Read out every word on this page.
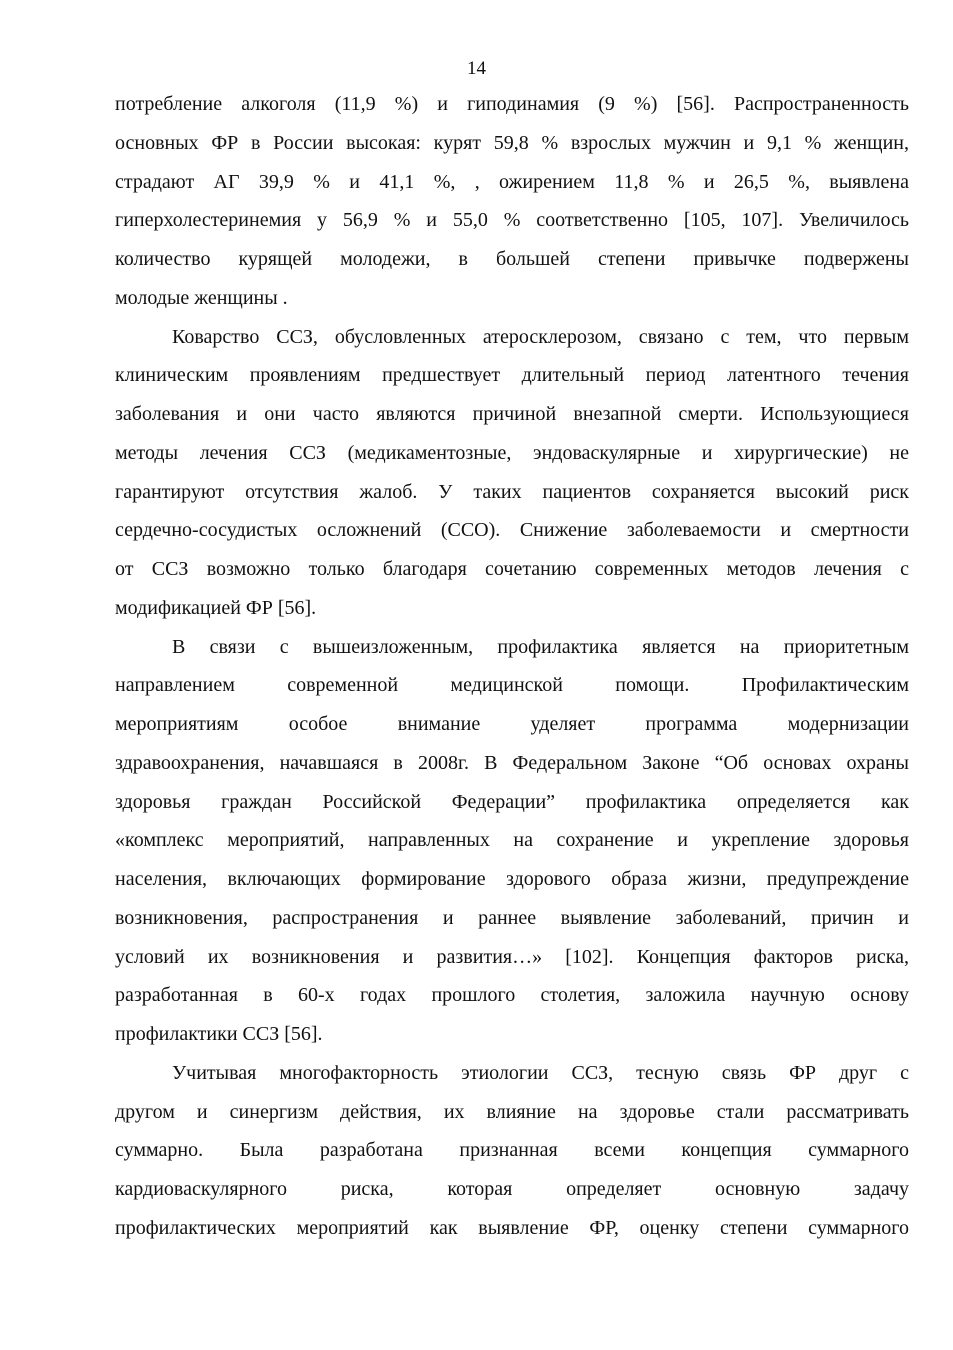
14
потребление алкоголя (11,9 %) и гиподинамия (9 %) [56]. Распространенность
основных ФР в России высокая: курят 59,8 % взрослых мужчин и 9,1 % женщин,
страдают АГ 39,9 % и 41,1 %, , ожирением 11,8 % и 26,5 %, выявлена
гиперхолестеринемия у 56,9 % и 55,0 % соответственно [105, 107]. Увеличилось
количество курящей молодежи, в большей степени привычке подвержены
молодые женщины .
Коварство ССЗ, обусловленных атеросклерозом, связано с тем, что первым
клиническим проявлениям предшествует длительный период латентного течения
заболевания и они часто являются причиной внезапной смерти. Использующиеся
методы лечения ССЗ (медикаментозные, эндоваскулярные и хирургические) не
гарантируют отсутствия жалоб. У таких пациентов сохраняется высокий риск
сердечно-сосудистых осложнений (ССО). Снижение заболеваемости и смертности
от ССЗ возможно только благодаря сочетанию современных методов лечения с
модификацией ФР [56].
В связи с вышеизложенным, профилактика является на приоритетным
направлением современной медицинской помощи. Профилактическим
мероприятиям особое внимание уделяет программа модернизации
здравоохранения, начавшаяся в 2008г. В Федеральном Законе “Об основах охраны
здоровья граждан Российской Федерации” профилактика определяется как
«комплекс мероприятий, направленных на сохранение и укрепление здоровья
населения, включающих формирование здорового образа жизни, предупреждение
возникновения, распространения и раннее выявление заболеваний, причин и
условий их возникновения и развития…» [102]. Концепция факторов риска,
разработанная в 60-х годах прошлого столетия, заложила научную основу
профилактики ССЗ [56].
Учитывая многофакторность этиологии ССЗ, тесную связь ФР друг с
другом и синергизм действия, их влияние на здоровье стали рассматривать
суммарно. Была разработана признанная всеми концепция суммарного
кардиоваскулярного риска, которая определяет основную задачу
профилактических мероприятий как выявление ФР, оценку степени суммарного
